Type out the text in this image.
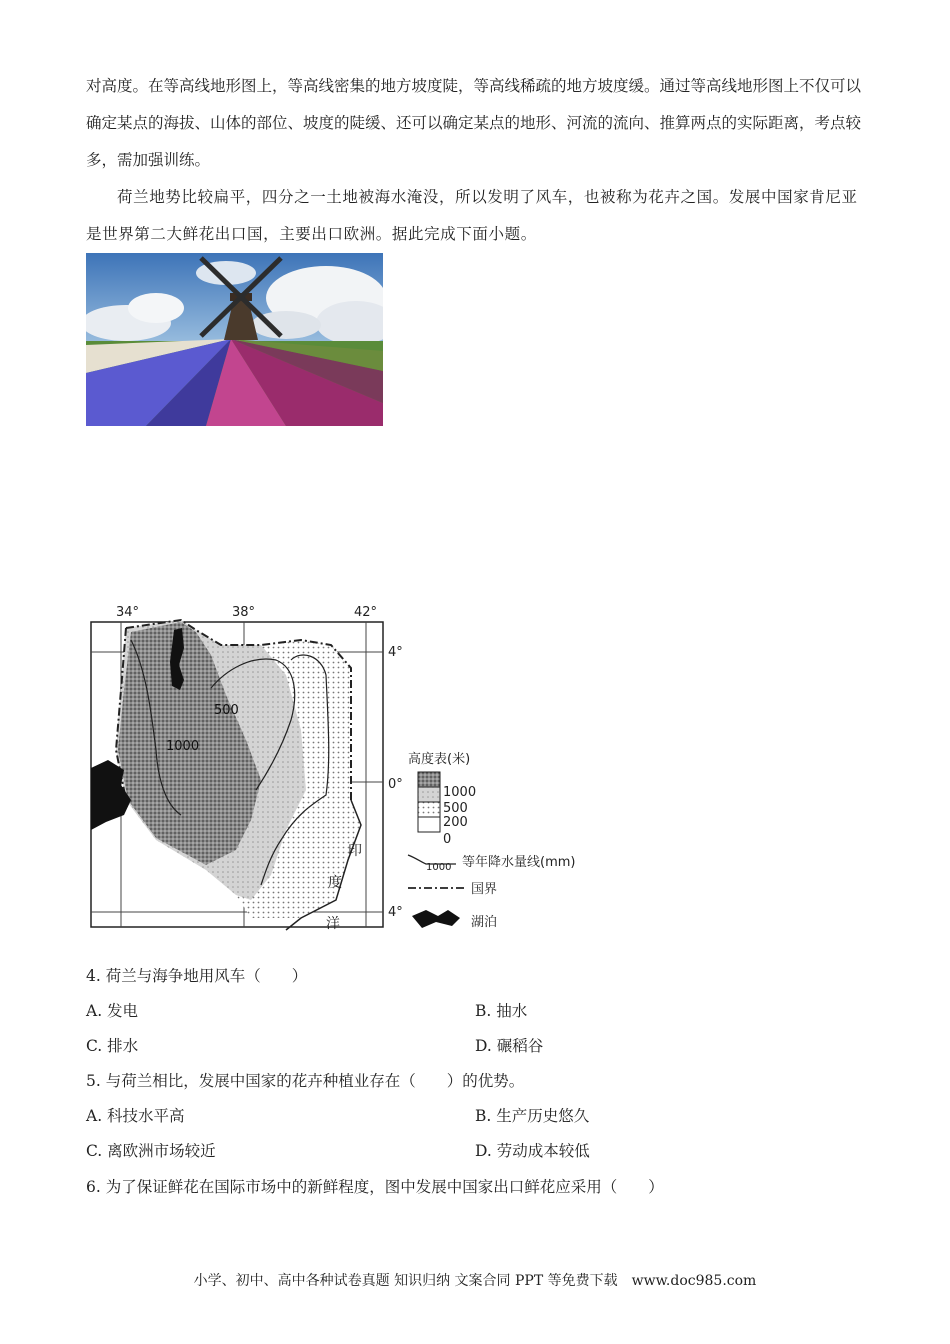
对高度。在等高线地形图上，等高线密集的地方坡度陡，等高线稀疏的地方坡度缓。通过等高线地形图上不仅可以确定某点的海拔、山体的部位、坡度的陡缓、还可以确定某点的地形、河流的流向、推算两点的实际距离，考点较多，需加强训练。

荷兰地势比较扁平，四分之一土地被海水淹没，所以发明了风车，也被称为花卉之国。发展中国家肯尼亚是世界第二大鲜花出口国，主要出口欧洲。据此完成下面小题。

34°	38°	42°
4°
0°
4°
500
1000
印
度
洋
高度表(米)
1000
500
200
0
1000 等年降水量线(mm)
国界
湖泊

4. 荷兰与海争地用风车（　　）

A. 发电	B. 抽水

C. 排水	D. 碾稻谷

5. 与荷兰相比，发展中国家的花卉种植业存在（　　）的优势。

A. 科技水平高	B. 生产历史悠久

C. 离欧洲市场较近	D. 劳动成本较低

6. 为了保证鲜花在国际市场中的新鲜程度，图中发展中国家出口鲜花应采用（　　）

小学、初中、高中各种试卷真题 知识归纳 文案合同 PPT 等免费下载　www.doc985.com
